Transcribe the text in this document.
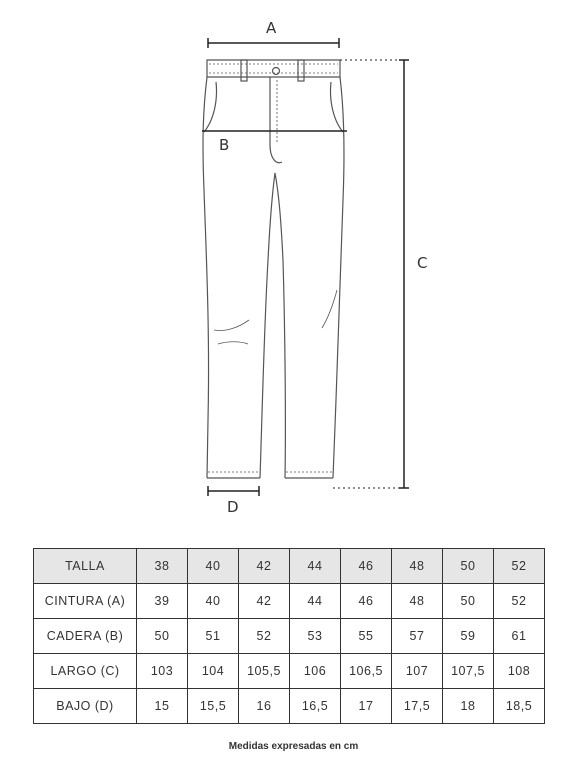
A
B
C
D
TALLA	38	40	42	44	46	48	50	52
CINTURA (A)	39	40	42	44	46	48	50	52
CADERA (B)	50	51	52	53	55	57	59	61
LARGO (C)	103	104	105,5	106	106,5	107	107,5	108
BAJO (D)	15	15,5	16	16,5	17	17,5	18	18,5
Medidas expresadas en cm
